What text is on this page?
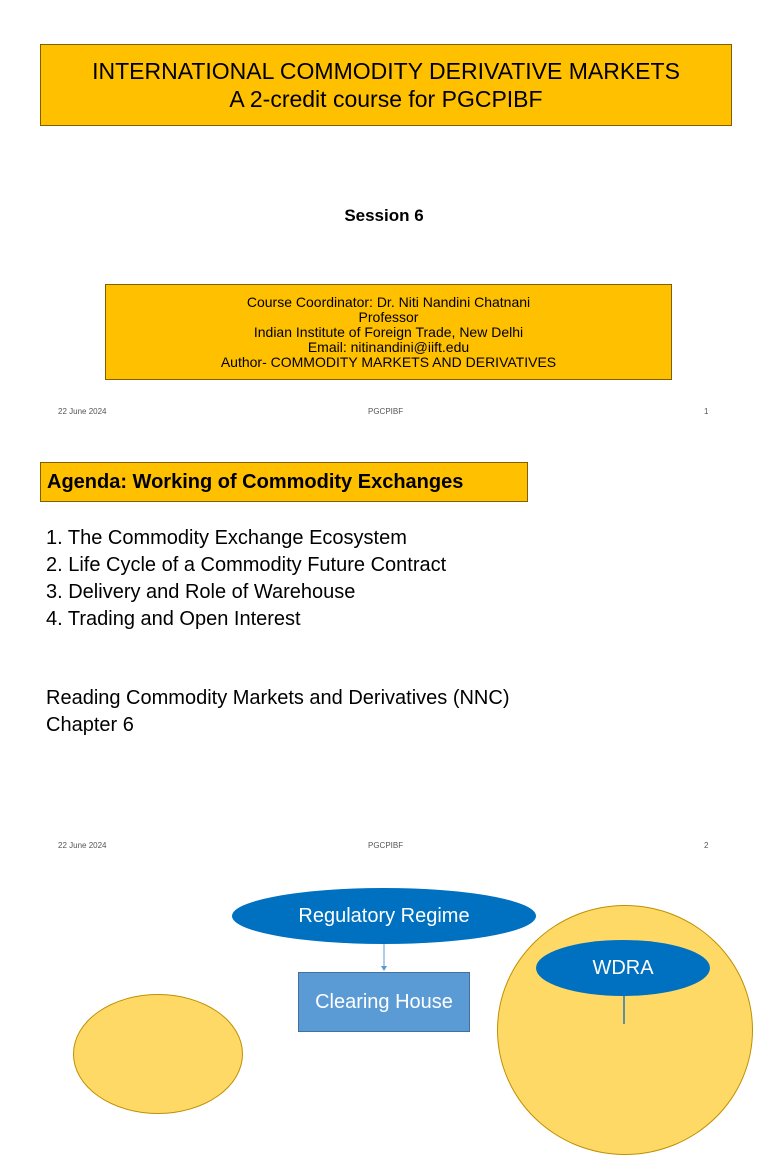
INTERNATIONAL COMMODITY DERIVATIVE MARKETS
A 2-credit course for PGCPIBF
Session 6
Course Coordinator: Dr. Niti Nandini Chatnani
Professor
Indian Institute of Foreign Trade, New Delhi
Email: nitinandini@iift.edu
Author- COMMODITY MARKETS AND DERIVATIVES
22 June 2024	PGCPIBF	1
Agenda: Working of Commodity Exchanges
1. The Commodity Exchange Ecosystem
2. Life Cycle of a Commodity Future Contract
3. Delivery and Role of Warehouse
4. Trading and Open Interest
Reading Commodity Markets and Derivatives (NNC)
Chapter 6
22 June 2024	PGCPIBF	2
Regulatory Regime
Clearing House
WDRA
